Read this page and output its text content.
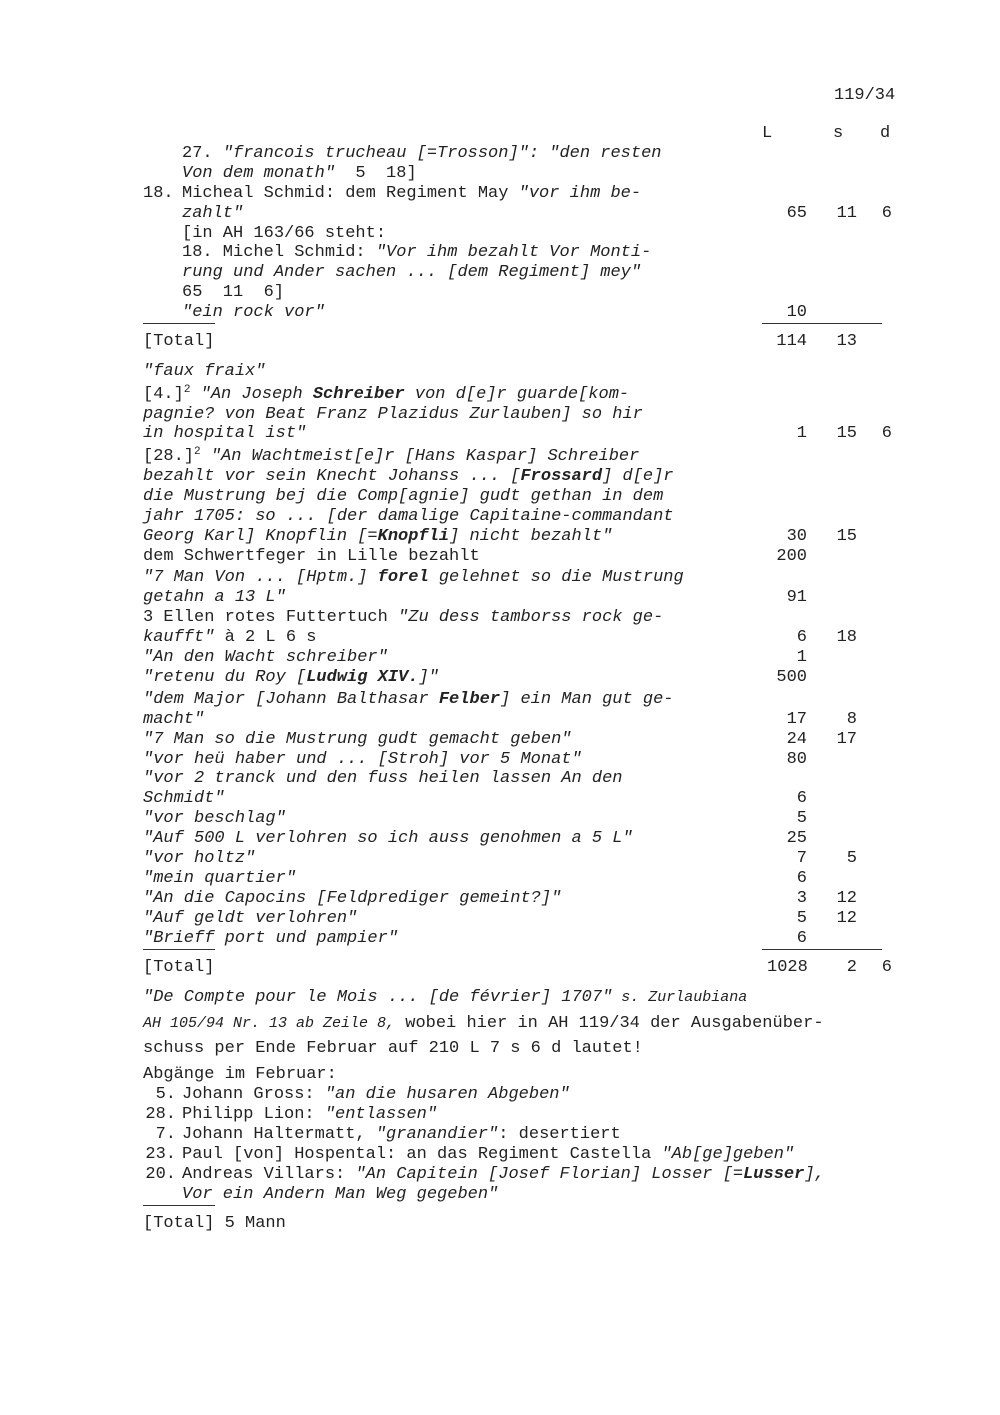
119/34
L	s d
27. "francois trucheau [=Trosson]": "den resten
Von dem monath"  5  18]
18. Micheal Schmid: dem Regiment May "vor ihm be-
zahlt"	65	11	6
[in AH 163/66 steht:
18. Michel Schmid: "Vor ihm bezahlt Vor Monti-
rung und Ander sachen ... [dem Regiment] mey"
65  11  6]
"ein rock vor"	10
[Total]	114	13
"faux fraix"
$[4.]^2$ "An Joseph Schreiber von d[e]r guarde[kom-
pagnie? von Beat Franz Plazidus Zurlauben] so hir
in hospital ist"	1	15	6
$[28.]^2$ "An Wachtmeist[e]r [Hans Kaspar] Schreiber
bezahlt vor sein Knecht Johanss ... [Frossard] d[e]r
die Mustrung bej die Comp[agnie] gudt gethan in dem
jahr 1705: so ... [der damalige Capitaine-commandant
Georg Karl] Knopflin [=Knopfli] nicht bezahlt"	30	15
dem Schwertfeger in Lille bezahlt	200
"7 Man Von ... [Hptm.] forel gelehnet so die Mustrung
getahn a 13 L"	91
3 Ellen rotes Futtertuch "Zu dess tamborss rock ge-
kaufft" à 2 L 6 s	6	18
"An den Wacht schreiber"	1
"retenu du Roy [Ludwig XIV.]"	500
"dem Major [Johann Balthasar Felber] ein Man gut ge-
macht"	17	8
"7 Man so die Mustrung gudt gemacht geben"	24	17
"vor heü haber und ... [Stroh] vor 5 Monat"	80
"vor 2 tranck und den fuss heilen lassen An den
Schmidt"	6
"vor beschlag"	5
"Auf 500 L verlohren so ich auss genohmen a 5 L"	25
"vor holtz"	7	5
"mein quartier"	6
"An die Capocins [Feldprediger gemeint?]"	3	12
"Auf geldt verlohren"	5	12
"Brieff port und pampier"	6
[Total]	1028	2	6
"De Compte pour le Mois ... [de février] 1707" s. Zurlaubiana
AH 105/94 Nr. 13 ab Zeile 8, wobei hier in AH 119/34 der Ausgabenüber-
schuss per Ende Februar auf 210 L 7 s 6 d lautet!
Abgänge im Februar:
5. Johann Gross: "an die husaren Abgeben"
28. Philipp Lion: "entlassen"
7. Johann Haltermatt, "granandier": desertiert
23. Paul [von] Hospental: an das Regiment Castella "Ab[ge]geben"
20. Andreas Villars: "An Capitein [Josef Florian] Losser [=Lusser],
Vor ein Andern Man Weg gegeben"
[Total] 5 Mann
